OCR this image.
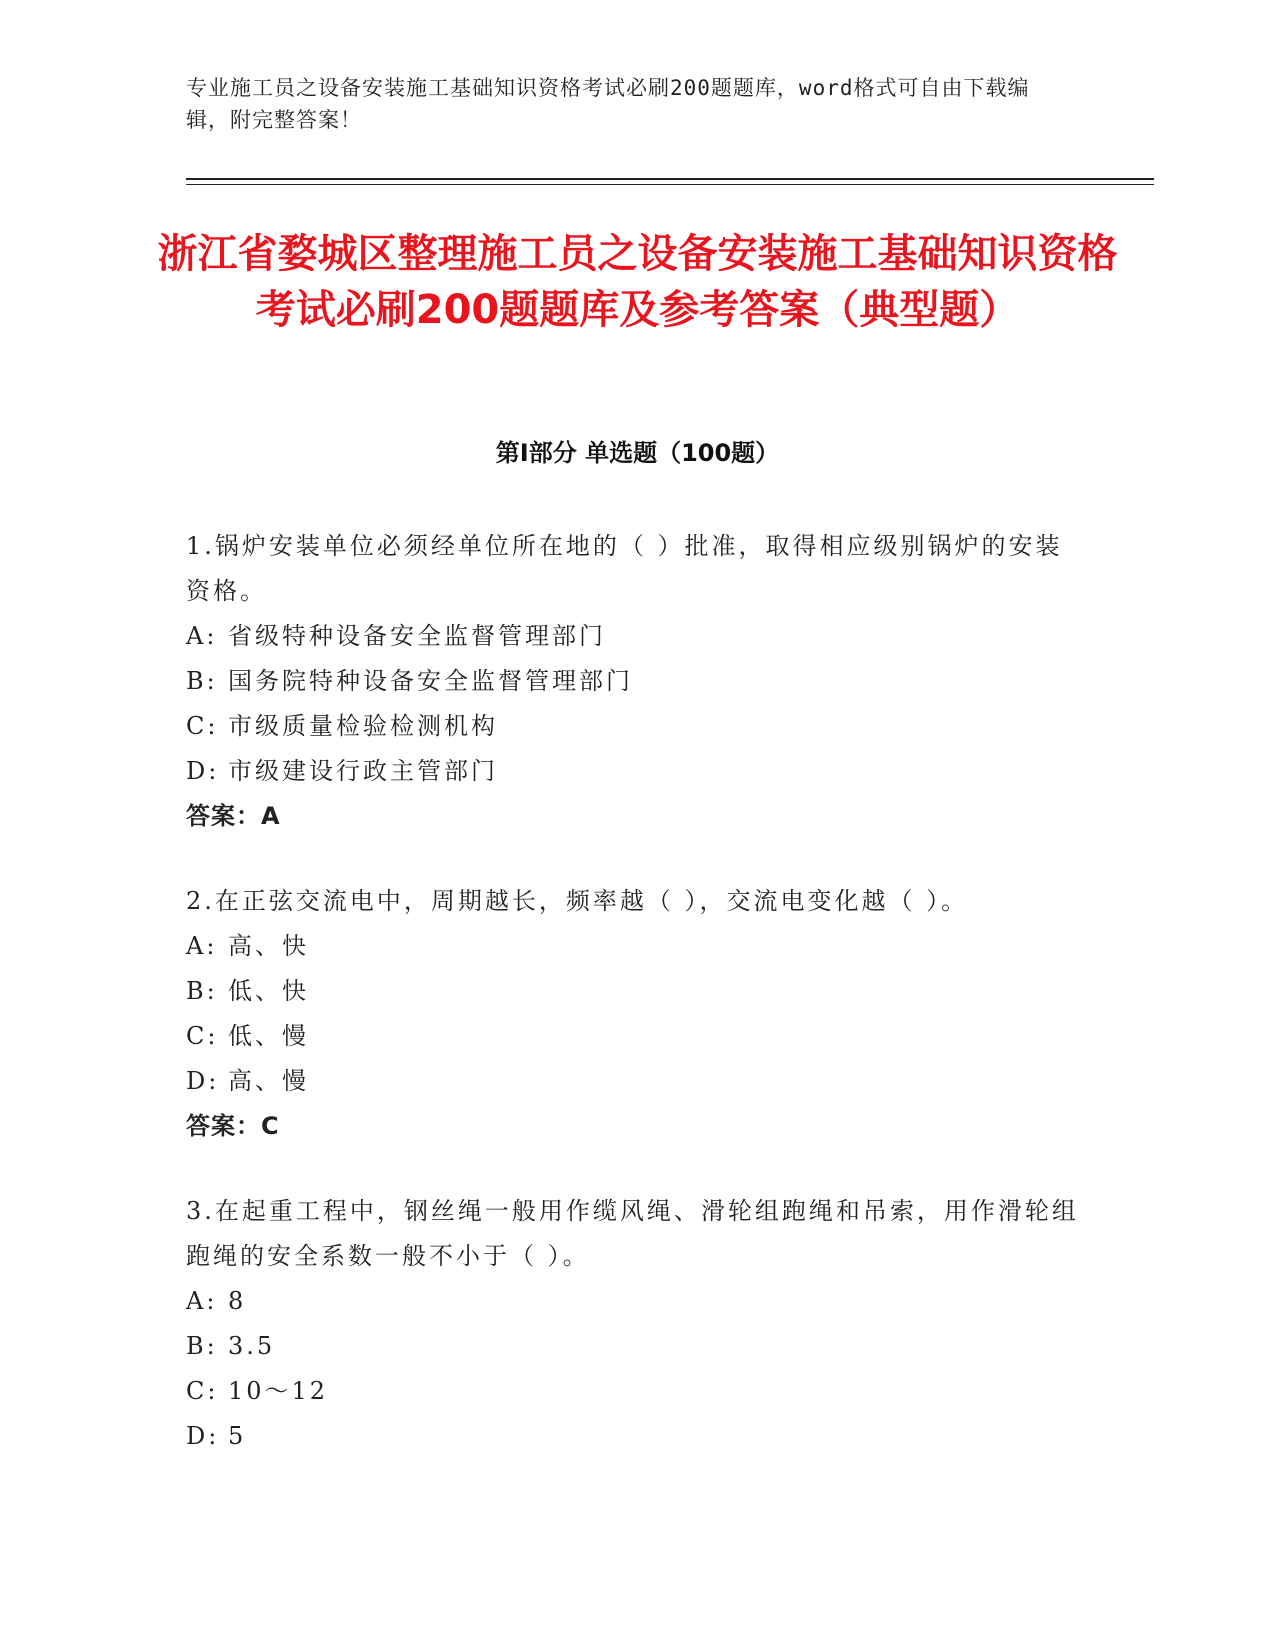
专业施工员之设备安装施工基础知识资格考试必刷200题题库，word格式可自由下载编辑，附完整答案！
浙江省婺城区整理施工员之设备安装施工基础知识资格考试必刷200题题库及参考答案（典型题）
第Ⅰ部分 单选题（100题）

1.锅炉安装单位必须经单位所在地的（ ）批准，取得相应级别锅炉的安装资格。

A: 省级特种设备安全监督管理部门

B: 国务院特种设备安全监督管理部门

C: 市级质量检验检测机构

D: 市级建设行政主管部门

答案：A

2.在正弦交流电中，周期越长，频率越（ ），交流电变化越（ ）。

A: 高、快

B: 低、快

C: 低、慢

D: 高、慢

答案：C

3.在起重工程中，钢丝绳一般用作缆风绳、滑轮组跑绳和吊索，用作滑轮组跑绳的安全系数一般不小于（ ）。

A: 8

B: 3.5

C: 10～12

D: 5
